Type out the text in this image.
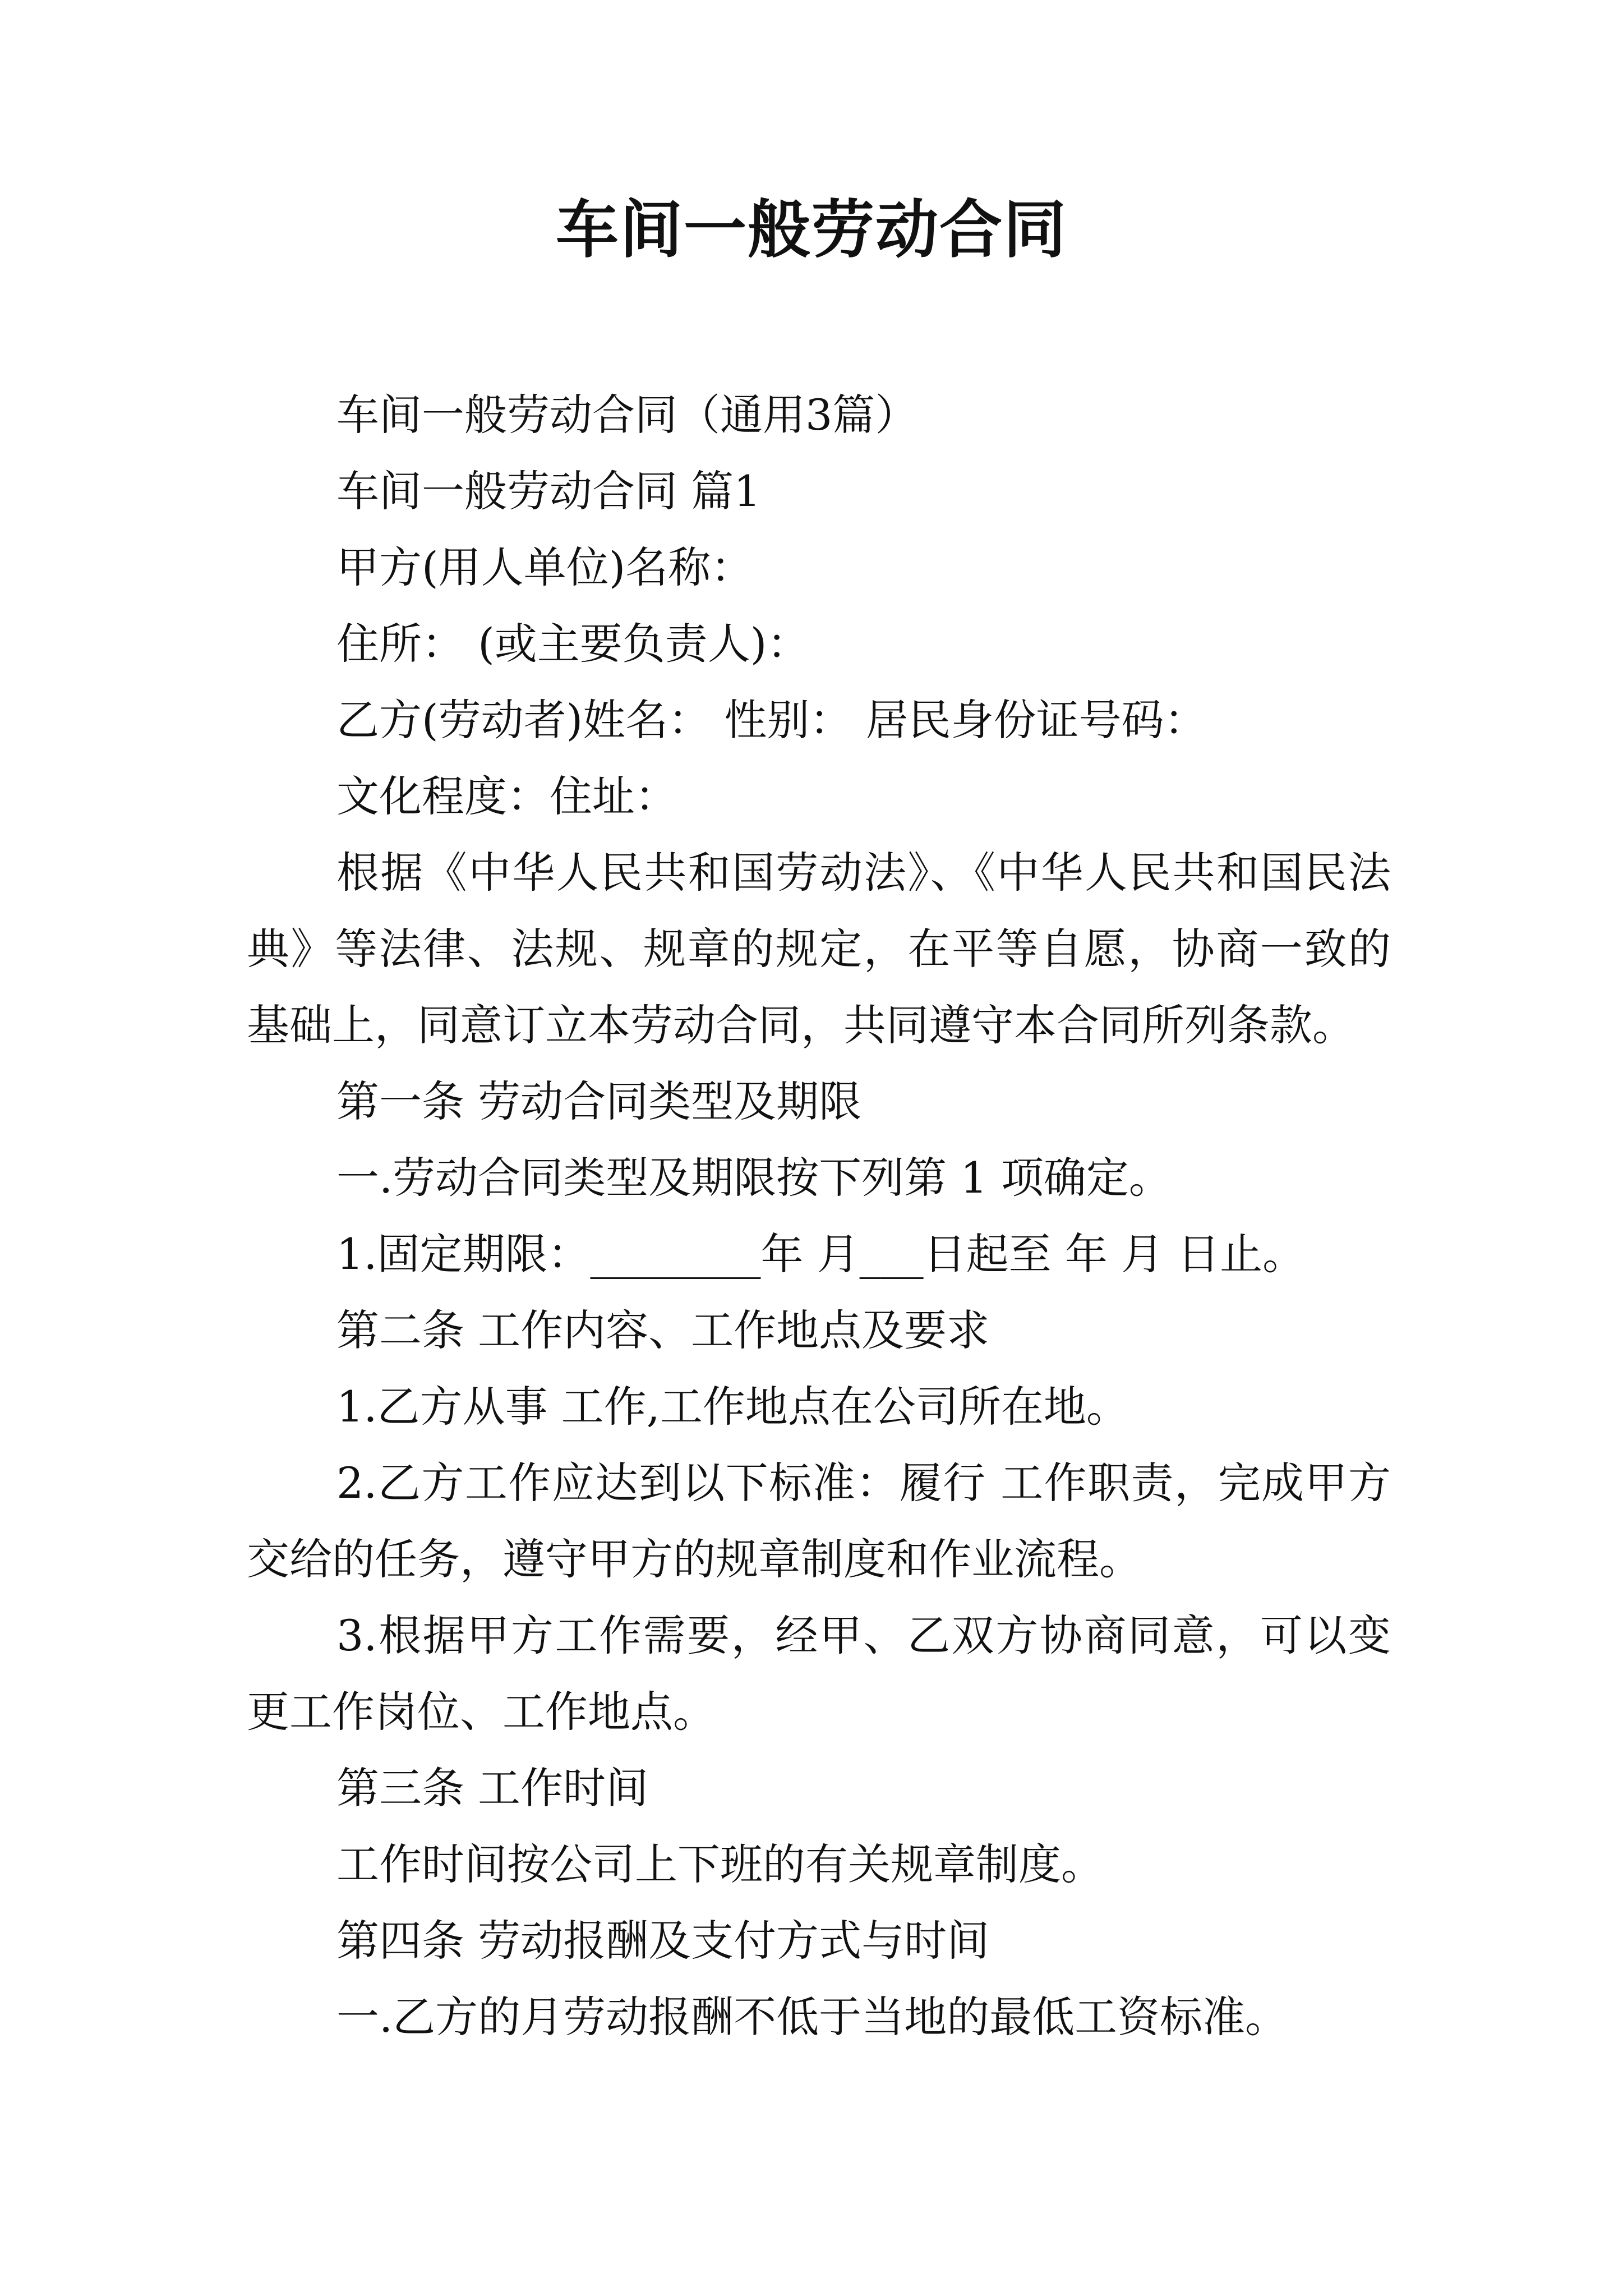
车间一般劳动合同

车间一般劳动合同（通用3篇）

车间一般劳动合同 篇1

甲方(用人单位)名称：

住所： (或主要负责人)：

乙方(劳动者)姓名： 性别： 居民身份证号码：

文化程度：住址：

根据《中华人民共和国劳动法》、《中华人民共和国民法典》等法律、法规、规章的规定，在平等自愿，协商一致的基础上，同意订立本劳动合同，共同遵守本合同所列条款。

第一条 劳动合同类型及期限

一.劳动合同类型及期限按下列第 1 项确定。

1.固定期限：________年 月___日起至 年 月 日止。

第二条 工作内容、工作地点及要求

1.乙方从事 工作,工作地点在公司所在地。

2.乙方工作应达到以下标准：履行 工作职责，完成甲方交给的任务，遵守甲方的规章制度和作业流程。

3.根据甲方工作需要，经甲、乙双方协商同意，可以变更工作岗位、工作地点。

第三条 工作时间

工作时间按公司上下班的有关规章制度。

第四条 劳动报酬及支付方式与时间

一.乙方的月劳动报酬不低于当地的最低工资标准。
